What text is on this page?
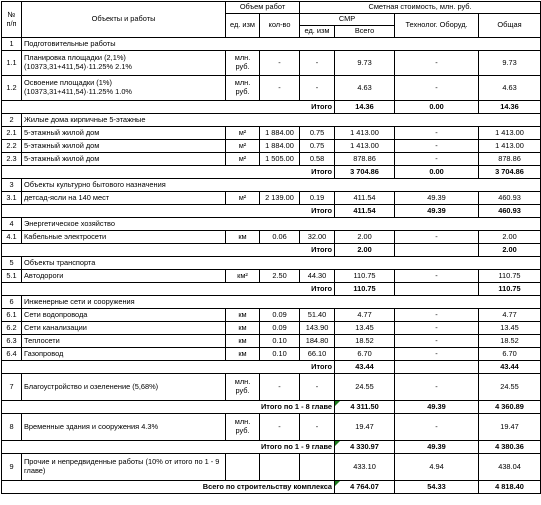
№
п/п	Объекты и работы	Объем работ		Сметная стоимость, млн. руб.			
		ед. изм	кол-во	СМР		Технолог. Оборуд.	Общая
				ед. изм	Всего		
1	Подготовительные работы						
1.1	Планировка площадки (2,1%)
(10373,31+411,54)·11.25% 2.1%	млн. руб.	-	-	9.73	-	9.73
1.2	Освоение площадки (1%)
(10373,31+411,54)·11.25% 1.0%	млн. руб.	-	-	4.63	-	4.63
Итого					14.36	0.00	14.36
2	Жилые дома кирпичные 5-этажные						
2.1	5-этажный жилой дом	м²	1 884.00	0.75	1 413.00	-	1 413.00
2.2	5-этажный жилой дом	м²	1 884.00	0.75	1 413.00	-	1 413.00
2.3	5-этажный жилой дом	м²	1 505.00	0.58	878.86	-	878.86
Итого					3 704.86	0.00	3 704.86
3	Объекты культурно бытового назначения						
3.1	детсад-ясли на 140 мест	м²	2 139.00	0.19	411.54	49.39	460.93
Итого					411.54	49.39	460.93
4	Энергетическое хозяйство						
4.1	Кабельные электросети	км	0.06	32.00	2.00	-	2.00
Итого					2.00		2.00
5	Объекты транспорта						
5.1	Автодороги	км²	2.50	44.30	110.75	-	110.75
Итого					110.75		110.75
6	Инженерные сети и сооружения						
6.1	Сети водопровода	км	0.09	51.40	4.77	-	4.77
6.2	Сети канализации	км	0.09	143.90	13.45	-	13.45
6.3	Теплосети	км	0.10	184.80	18.52	-	18.52
6.4	Газопровод	км	0.10	66.10	6.70	-	6.70
Итого					43.44		43.44
7	Благоустройство и озеленение (5,68%)	млн. руб.	-	-	24.55	-	24.55
Итого по 1 - 8 главе					4 311.50	49.39	4 360.89
8	Временные здания и сооружения 4.3%	млн. руб.	-	-	19.47	-	19.47
Итого по 1 - 9 главе					4 330.97	49.39	4 380.36
9	Прочие и непредвиденные работы (10% от итого по 1 - 9 главе)				433.10	4.94	438.04
Всего по строительству комплекса					4 764.07	54.33	4 818.40
